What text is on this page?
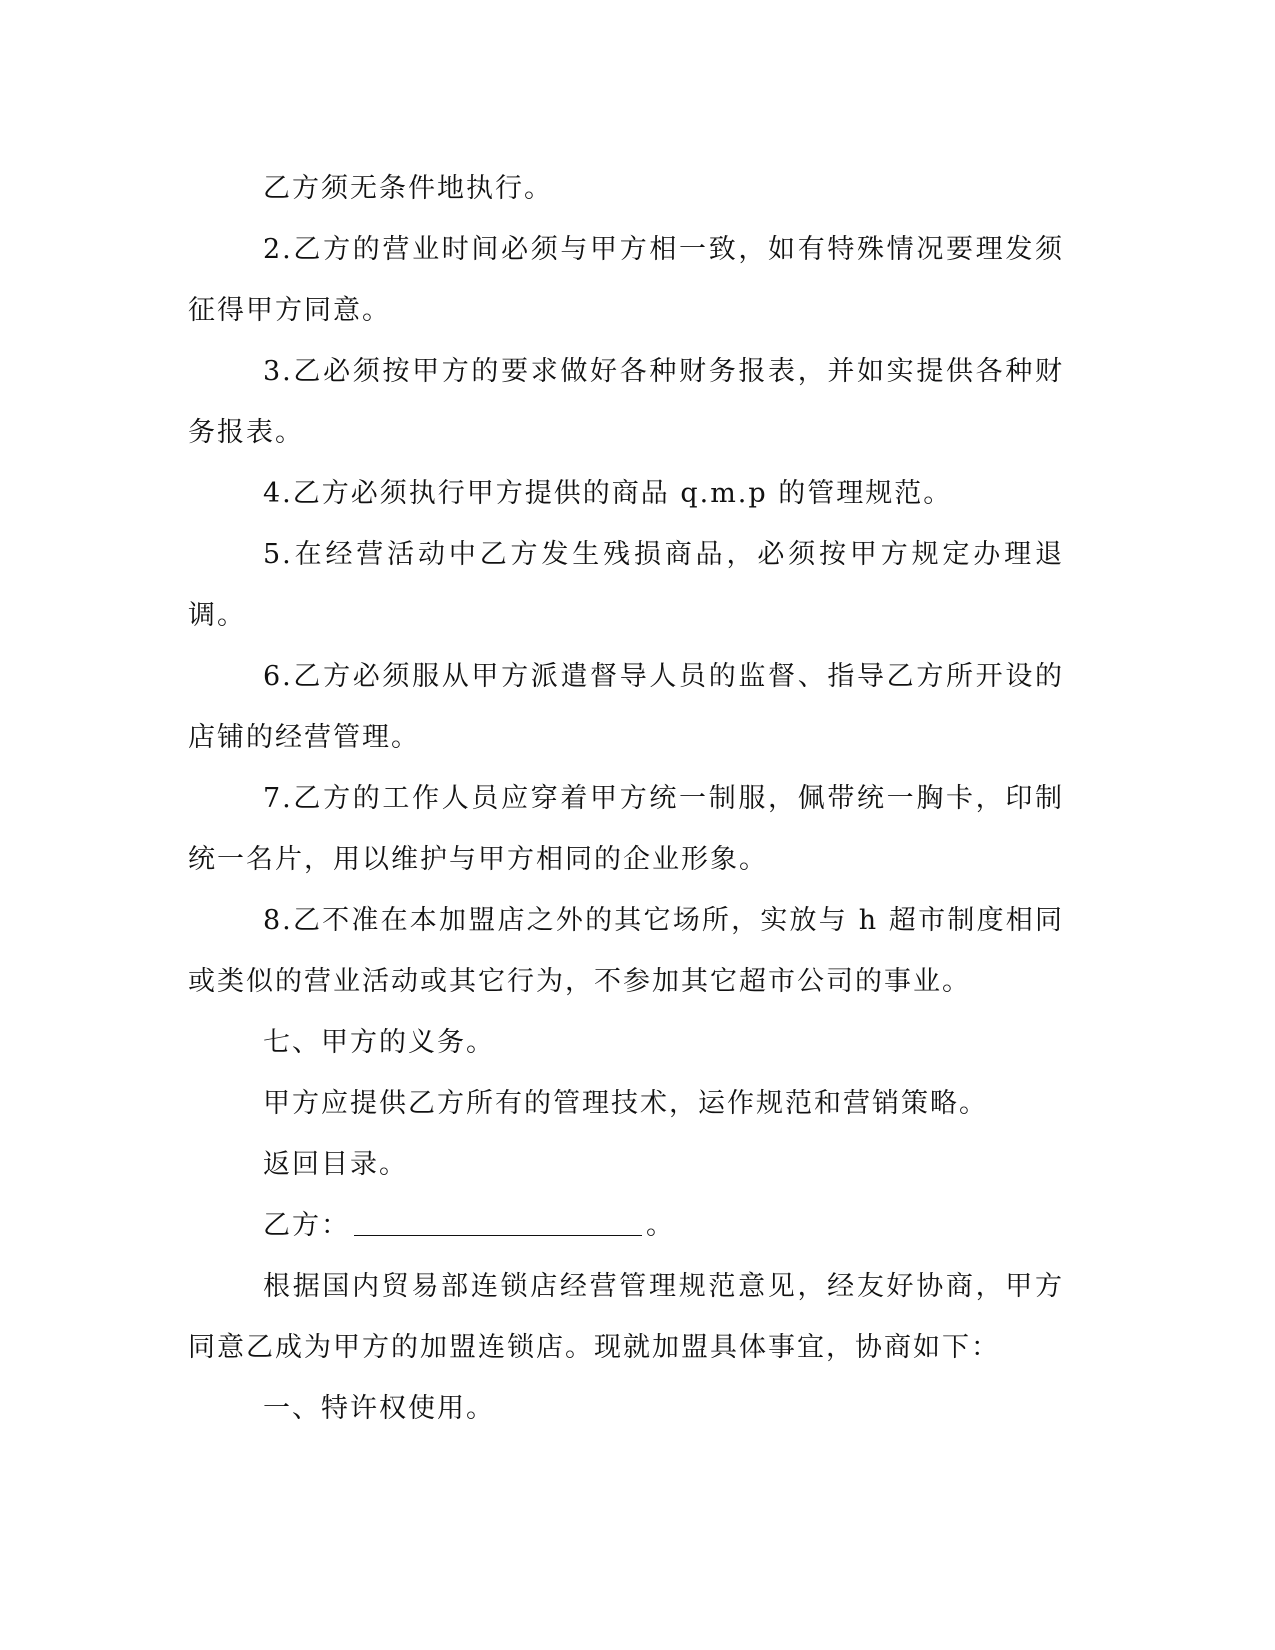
乙方须无条件地执行。

2.乙方的营业时间必须与甲方相一致，如有特殊情况要理发须征得甲方同意。

3.乙必须按甲方的要求做好各种财务报表，并如实提供各种财务报表。

4.乙方必须执行甲方提供的商品 q.m.p 的管理规范。

5.在经营活动中乙方发生残损商品，必须按甲方规定办理退调。

6.乙方必须服从甲方派遣督导人员的监督、指导乙方所开设的店铺的经营管理。

7.乙方的工作人员应穿着甲方统一制服，佩带统一胸卡，印制统一名片，用以维护与甲方相同的企业形象。

8.乙不准在本加盟店之外的其它场所，实放与 h 超市制度相同或类似的营业活动或其它行为，不参加其它超市公司的事业。

七、甲方的义务。

甲方应提供乙方所有的管理技术，运作规范和营销策略。

返回目录。

乙方：	。

根据国内贸易部连锁店经营管理规范意见，经友好协商，甲方同意乙成为甲方的加盟连锁店。现就加盟具体事宜，协商如下：

一、特许权使用。
